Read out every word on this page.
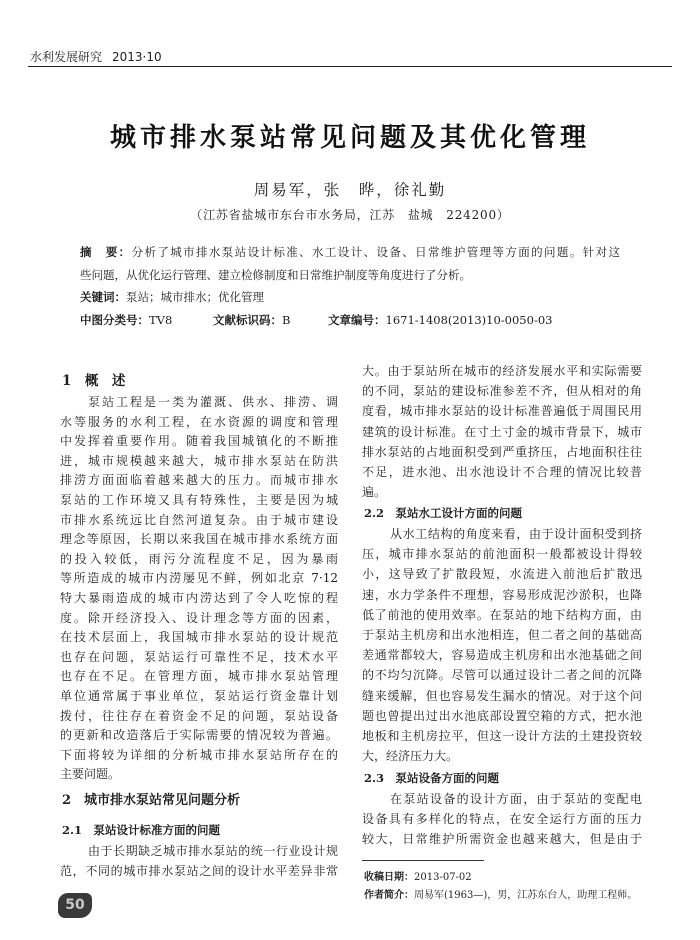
水利发展研究 2013·10
城市排水泵站常见问题及其优化管理
周易军，张　晔，徐礼勤
（江苏省盐城市东台市水务局，江苏　盐城　224200）
摘　要：分析了城市排水泵站设计标准、水工设计、设备、日常维护管理等方面的问题。针对这
些问题，从优化运行管理、建立检修制度和日常维护制度等角度进行了分析。
关键词：泵站；城市排水；优化管理
中图分类号：TV8	文献标识码：B	文章编号：1671-1408(2013)10-0050-03
1　概　述
泵站工程是一类为灌溉、供水、排涝、调
水等服务的水利工程，在水资源的调度和管理
中发挥着重要作用。随着我国城镇化的不断推
进，城市规模越来越大，城市排水泵站在防洪
排涝方面面临着越来越大的压力。而城市排水
泵站的工作环境又具有特殊性，主要是因为城
市排水系统远比自然河道复杂。由于城市建设
理念等原因，长期以来我国在城市排水系统方面
的投入较低，雨污分流程度不足，因为暴雨
等所造成的城市内涝屡见不鲜，例如北京 7·12
特大暴雨造成的城市内涝达到了令人吃惊的程
度。除开经济投入、设计理念等方面的因素，
在技术层面上，我国城市排水泵站的设计规范
也存在问题，泵站运行可靠性不足，技术水平
也存在不足。在管理方面，城市排水泵站管理
单位通常属于事业单位，泵站运行资金靠计划
拨付，往往存在着资金不足的问题，泵站设备
的更新和改造落后于实际需要的情况较为普遍。
下面将较为详细的分析城市排水泵站所存在的
主要问题。
2　城市排水泵站常见问题分析
2.1　泵站设计标准方面的问题
由于长期缺乏城市排水泵站的统一行业设计规
范，不同的城市排水泵站之间的设计水平差异非常
大。由于泵站所在城市的经济发展水平和实际需要
的不同，泵站的建设标准参差不齐，但从相对的角
度看，城市排水泵站的设计标准普遍低于周围民用
建筑的设计标准。在寸土寸金的城市背景下，城市
排水泵站的占地面积受到严重挤压，占地面积往往
不足，进水池、出水池设计不合理的情况比较普
遍。
2.2　泵站水工设计方面的问题
从水工结构的角度来看，由于设计面积受到挤
压，城市排水泵站的前池面积一般都被设计得较
小，这导致了扩散段短，水流进入前池后扩散迅
速，水力学条件不理想，容易形成泥沙淤积，也降
低了前池的使用效率。在泵站的地下结构方面，由
于泵站主机房和出水池相连，但二者之间的基础高
差通常都较大，容易造成主机房和出水池基础之间
的不均匀沉降。尽管可以通过设计二者之间的沉降
缝来缓解，但也容易发生漏水的情况。对于这个问
题也曾提出过出水池底部设置空箱的方式，把水池
地板和主机房拉平，但这一设计方法的土建投资较
大，经济压力大。
2.3　泵站设备方面的问题
在泵站设备的设计方面，由于泵站的变配电
设备具有多样化的特点，在安全运行方面的压力
较大，日常维护所需资金也越来越大，但是由于
收稿日期：2013-07-02
作者简介：周易军(1963—)，男，江苏东台人，助理工程师。
50
